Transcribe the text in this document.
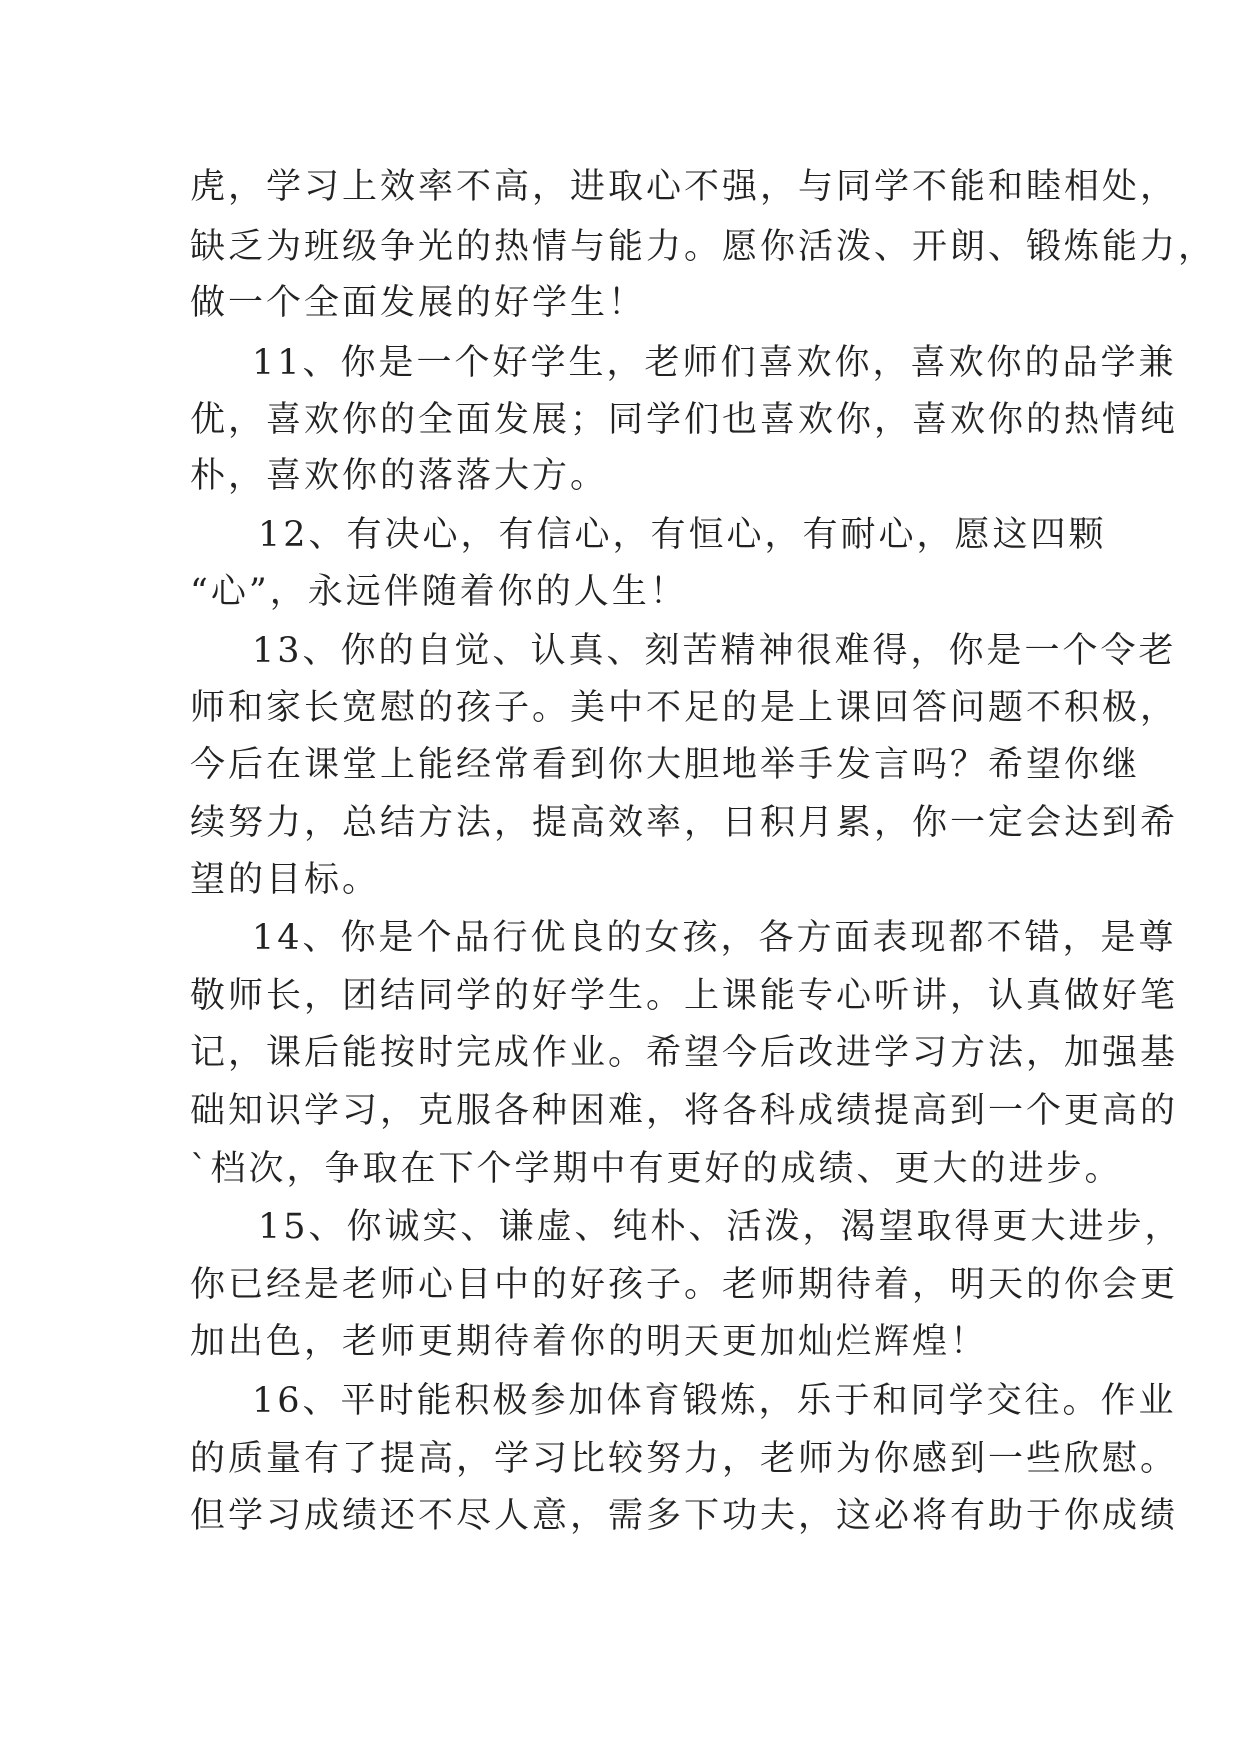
虎，学习上效率不高，进取心不强，与同学不能和睦相处，
缺乏为班级争光的热情与能力。愿你活泼、开朗、锻炼能力，
做一个全面发展的好学生！
11、你是一个好学生，老师们喜欢你，喜欢你的品学兼
优，喜欢你的全面发展；同学们也喜欢你，喜欢你的热情纯
朴，喜欢你的落落大方。
12、有决心，有信心，有恒心，有耐心，愿这四颗
“心”，永远伴随着你的人生！
13、你的自觉、认真、刻苦精神很难得，你是一个令老
师和家长宽慰的孩子。美中不足的是上课回答问题不积极，
今后在课堂上能经常看到你大胆地举手发言吗？希望你继
续努力，总结方法，提高效率，日积月累，你一定会达到希
望的目标。
14、你是个品行优良的女孩，各方面表现都不错，是尊
敬师长，团结同学的好学生。上课能专心听讲，认真做好笔
记，课后能按时完成作业。希望今后改进学习方法，加强基
础知识学习，克服各种困难，将各科成绩提高到一个更高的
`档次，争取在下个学期中有更好的成绩、更大的进步。
15、你诚实、谦虚、纯朴、活泼，渴望取得更大进步，
你已经是老师心目中的好孩子。老师期待着，明天的你会更
加出色，老师更期待着你的明天更加灿烂辉煌！
16、平时能积极参加体育锻炼，乐于和同学交往。作业
的质量有了提高，学习比较努力，老师为你感到一些欣慰。
但学习成绩还不尽人意，需多下功夫，这必将有助于你成绩
